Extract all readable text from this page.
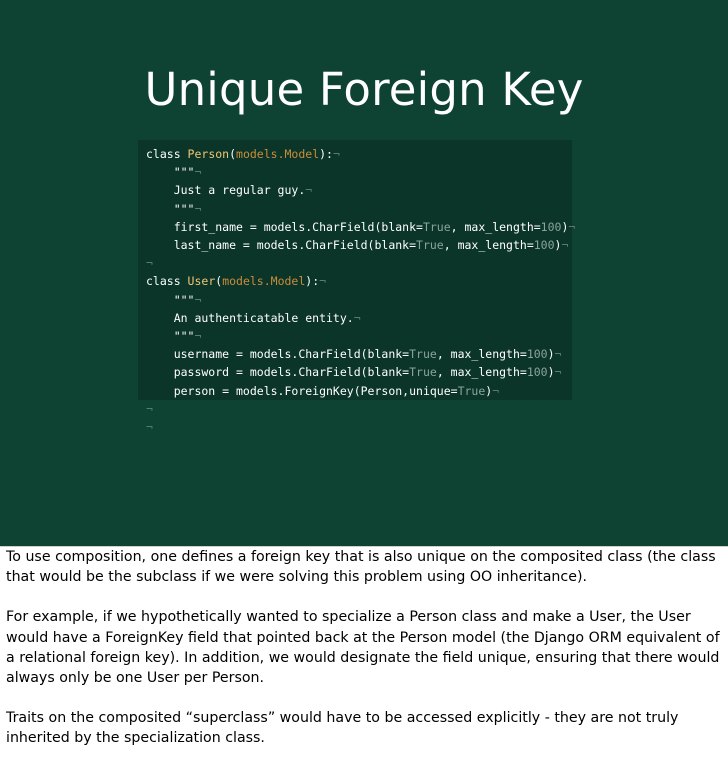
Unique Foreign Key
class Person(models.Model):¬
"""¬
Just a regular guy.¬
"""¬
first_name = models.CharField(blank=True, max_length=100)¬
last_name = models.CharField(blank=True, max_length=100)¬
¬
class User(models.Model):¬
"""¬
An authenticatable entity.¬
"""¬
username = models.CharField(blank=True, max_length=100)¬
password = models.CharField(blank=True, max_length=100)¬
person = models.ForeignKey(Person,unique=True)¬
¬
¬

To use composition, one defines a foreign key that is also unique on the composited class (the class that would be the subclass if we were solving this problem using OO inheritance).

For example, if we hypothetically wanted to specialize a Person class and make a User, the User would have a ForeignKey field that pointed back at the Person model (the Django ORM equivalent of a relational foreign key). In addition, we would designate the field unique, ensuring that there would always only be one User per Person.

Traits on the composited “superclass” would have to be accessed explicitly - they are not truly inherited by the specialization class.
